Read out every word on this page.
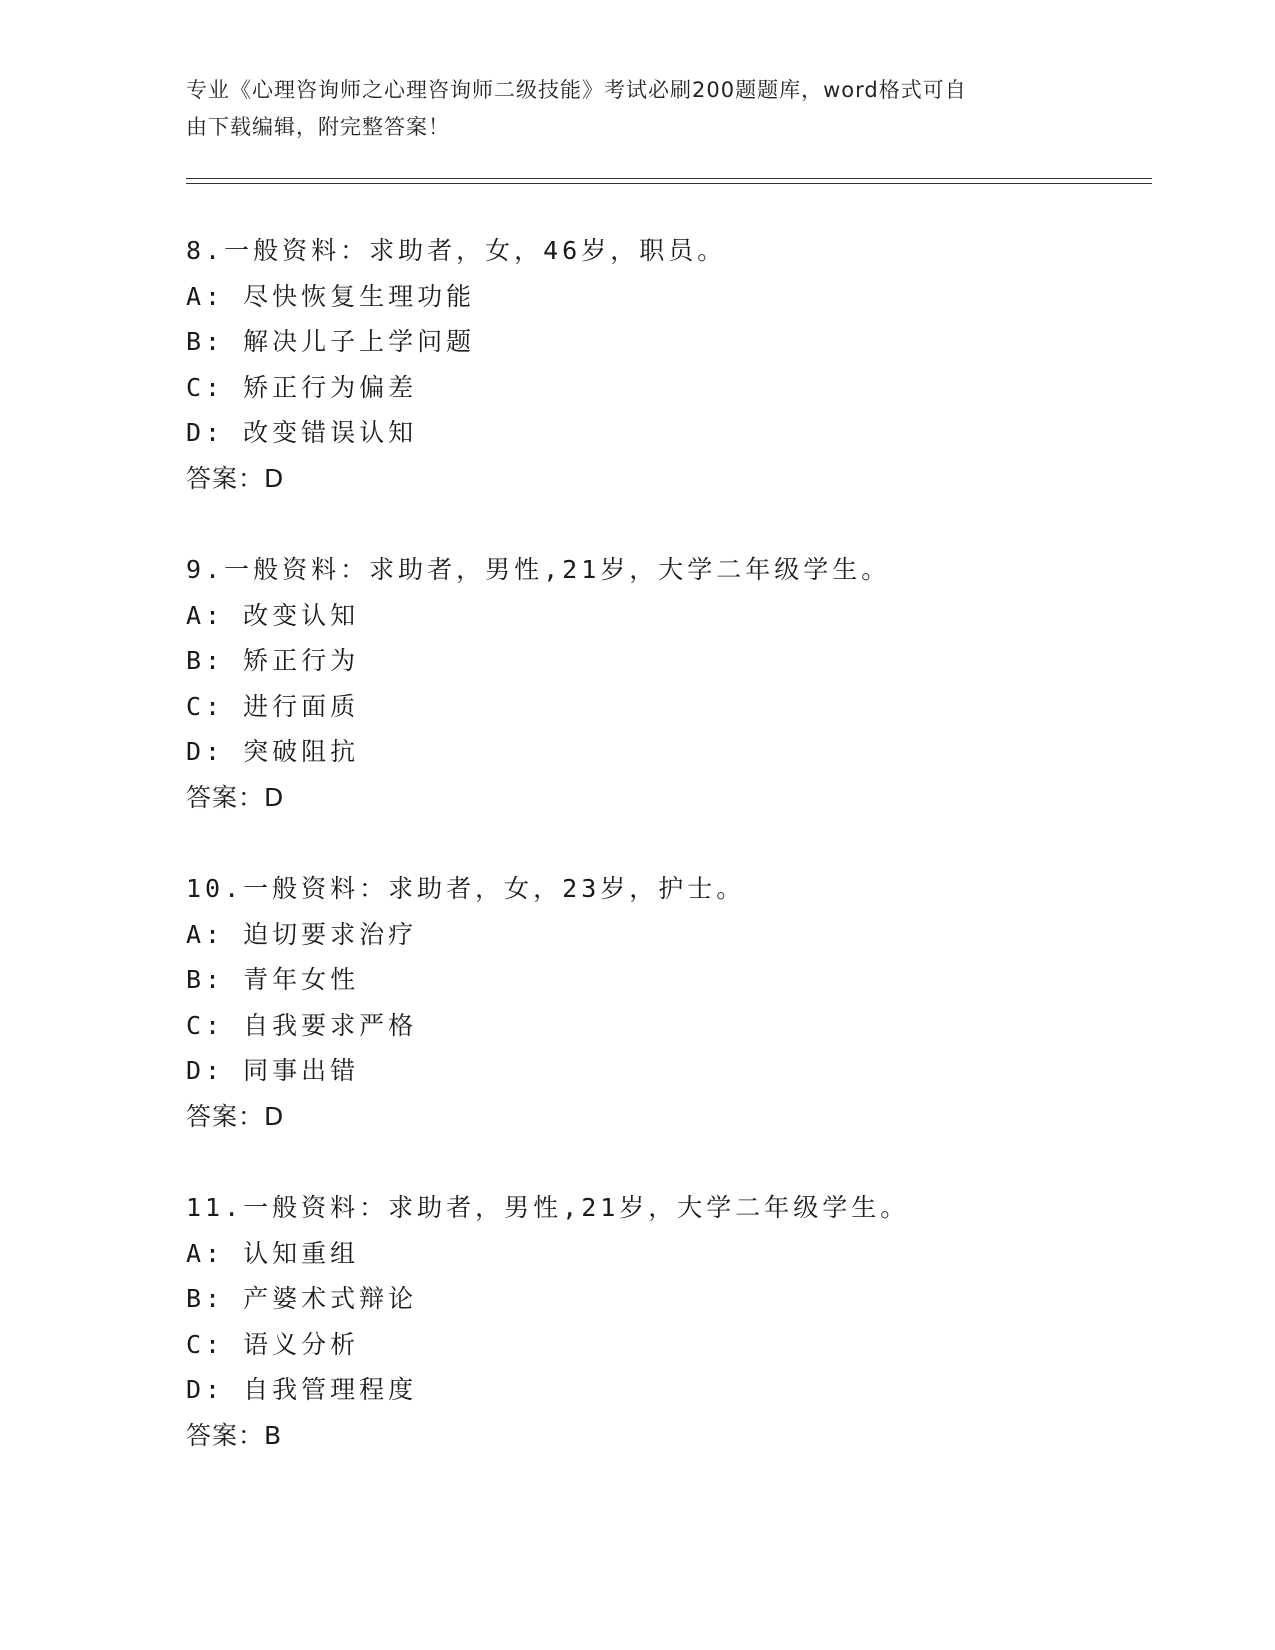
专业《心理咨询师之心理咨询师二级技能》考试必刷200题题库，word格式可自
由下载编辑，附完整答案！
8.一般资料：求助者，女，46岁，职员。
A: 尽快恢复生理功能
B: 解决儿子上学问题
C: 矫正行为偏差
D: 改变错误认知
答案：D
9.一般资料：求助者，男性,21岁，大学二年级学生。
A: 改变认知
B: 矫正行为
C: 进行面质
D: 突破阻抗
答案：D
10.一般资料：求助者，女，23岁，护士。
A: 迫切要求治疗
B: 青年女性
C: 自我要求严格
D: 同事出错
答案：D
11.一般资料：求助者，男性,21岁，大学二年级学生。
A: 认知重组
B: 产婆术式辩论
C: 语义分析
D: 自我管理程度
答案：B
